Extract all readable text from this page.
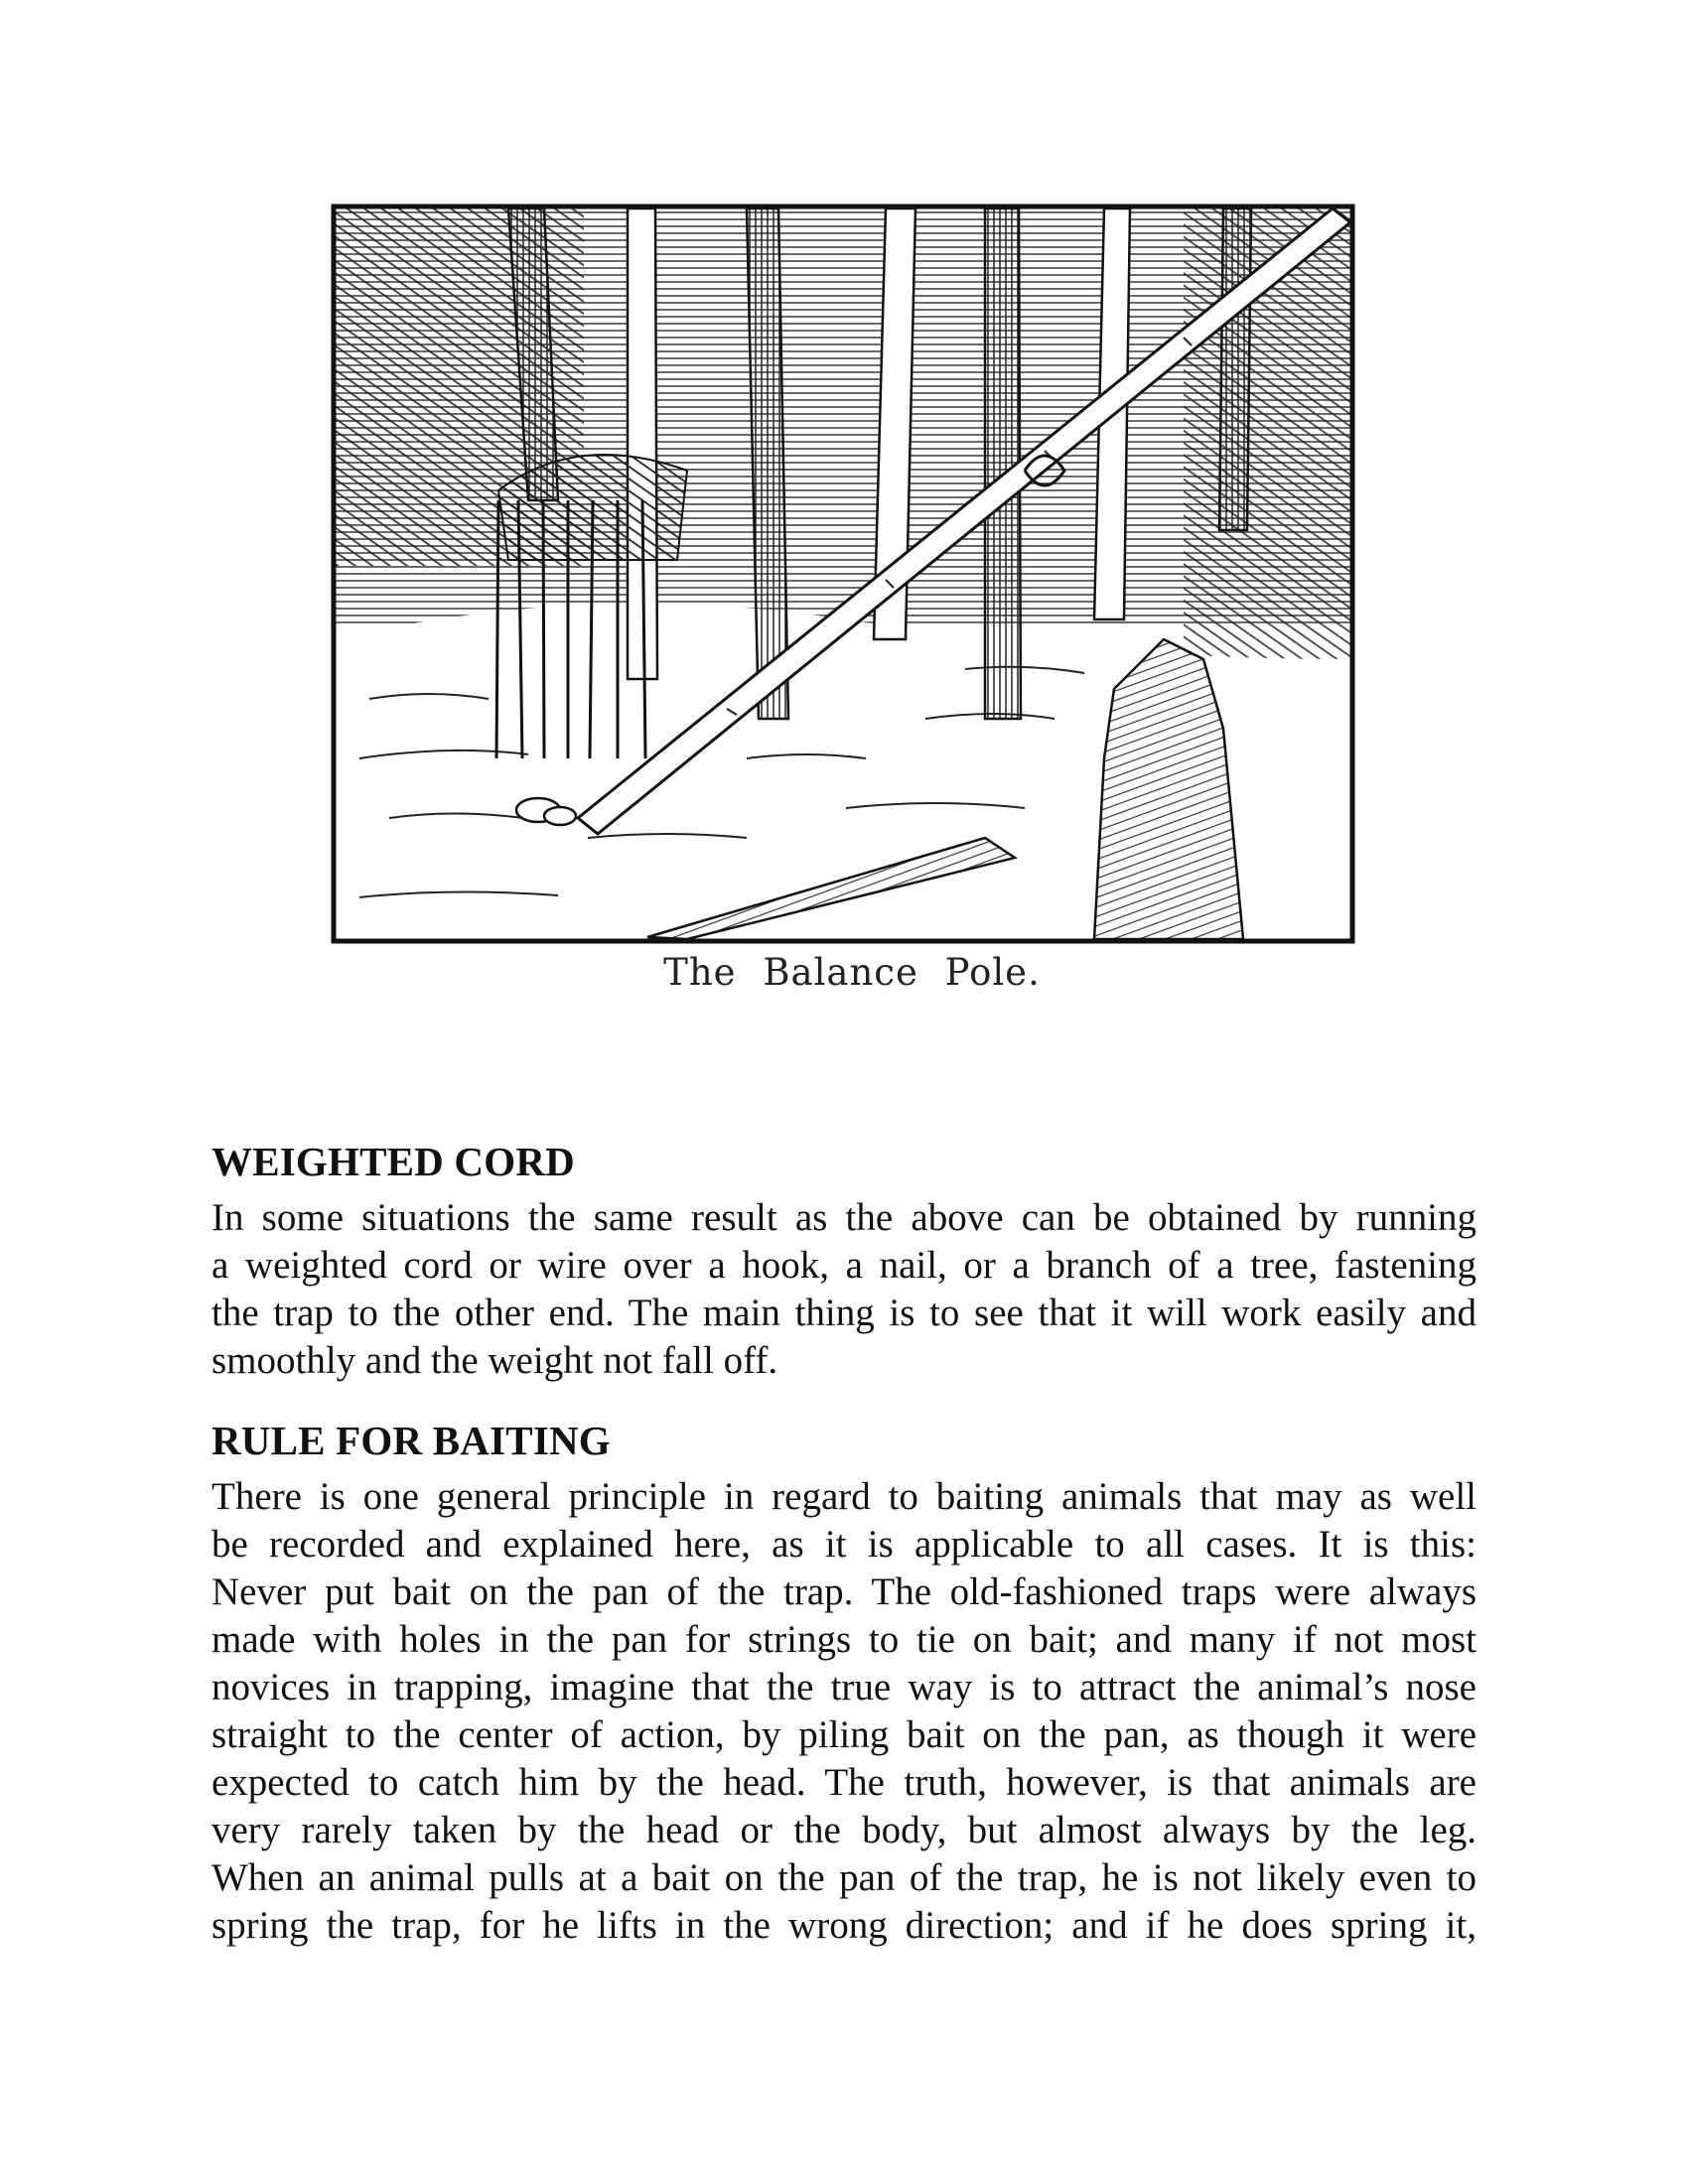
The Balance Pole.
WEIGHTED CORD

In some situations the same result as the above can be obtained by running
a weighted cord or wire over a hook, a nail, or a branch of a tree, fastening
the trap to the other end. The main thing is to see that it will work easily and
smoothly and the weight not fall off.

RULE FOR BAITING

There is one general principle in regard to baiting animals that may as well
be recorded and explained here, as it is applicable to all cases. It is this:
Never put bait on the pan of the trap. The old-fashioned traps were always
made with holes in the pan for strings to tie on bait; and many if not most
novices in trapping, imagine that the true way is to attract the animal’s nose
straight to the center of action, by piling bait on the pan, as though it were
expected to catch him by the head. The truth, however, is that animals are
very rarely taken by the head or the body, but almost always by the leg.
When an animal pulls at a bait on the pan of the trap, he is not likely even to
spring the trap, for he lifts in the wrong direction; and if he does spring it,
